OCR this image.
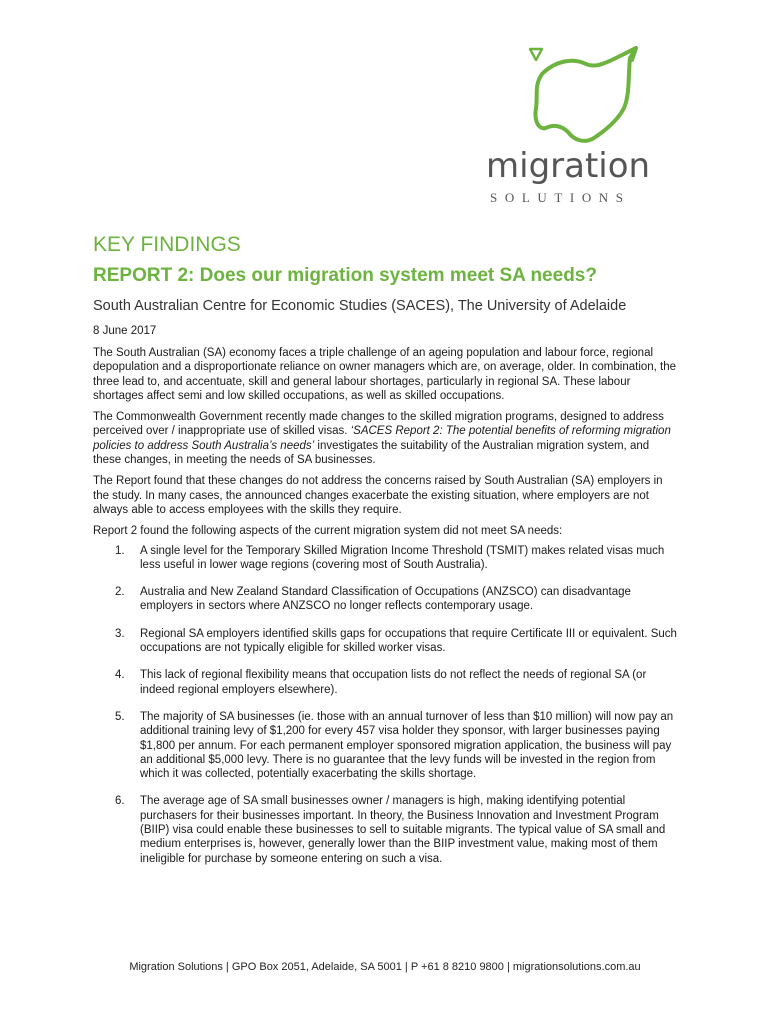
migration
SOLUTIONS
KEY FINDINGS
REPORT 2: Does our migration system meet SA needs?
South Australian Centre for Economic Studies (SACES), The University of Adelaide
8 June 2017

The South Australian (SA) economy faces a triple challenge of an ageing population and labour force, regional depopulation and a disproportionate reliance on owner managers which are, on average, older. In combination, the three lead to, and accentuate, skill and general labour shortages, particularly in regional SA. These labour shortages affect semi and low skilled occupations, as well as skilled occupations.

The Commonwealth Government recently made changes to the skilled migration programs, designed to address perceived over / inappropriate use of skilled visas. ‘SACES Report 2: The potential benefits of reforming migration policies to address South Australia’s needs’ investigates the suitability of the Australian migration system, and these changes, in meeting the needs of SA businesses.

The Report found that these changes do not address the concerns raised by South Australian (SA) employers in the study. In many cases, the announced changes exacerbate the existing situation, where employers are not always able to access employees with the skills they require.

Report 2 found the following aspects of the current migration system did not meet SA needs:

1. A single level for the Temporary Skilled Migration Income Threshold (TSMIT) makes related visas much less useful in lower wage regions (covering most of South Australia).
2. Australia and New Zealand Standard Classification of Occupations (ANZSCO) can disadvantage employers in sectors where ANZSCO no longer reflects contemporary usage.
3. Regional SA employers identified skills gaps for occupations that require Certificate III or equivalent. Such occupations are not typically eligible for skilled worker visas.
4. This lack of regional flexibility means that occupation lists do not reflect the needs of regional SA (or indeed regional employers elsewhere).
5. The majority of SA businesses (ie. those with an annual turnover of less than $10 million) will now pay an additional training levy of $1,200 for every 457 visa holder they sponsor, with larger businesses paying $1,800 per annum. For each permanent employer sponsored migration application, the business will pay an additional $5,000 levy. There is no guarantee that the levy funds will be invested in the region from which it was collected, potentially exacerbating the skills shortage.
6. The average age of SA small businesses owner / managers is high, making identifying potential purchasers for their businesses important. In theory, the Business Innovation and Investment Program (BIIP) visa could enable these businesses to sell to suitable migrants. The typical value of SA small and medium enterprises is, however, generally lower than the BIIP investment value, making most of them ineligible for purchase by someone entering on such a visa.
Migration Solutions | GPO Box 2051, Adelaide, SA 5001 | P +61 8 8210 9800 | migrationsolutions.com.au
